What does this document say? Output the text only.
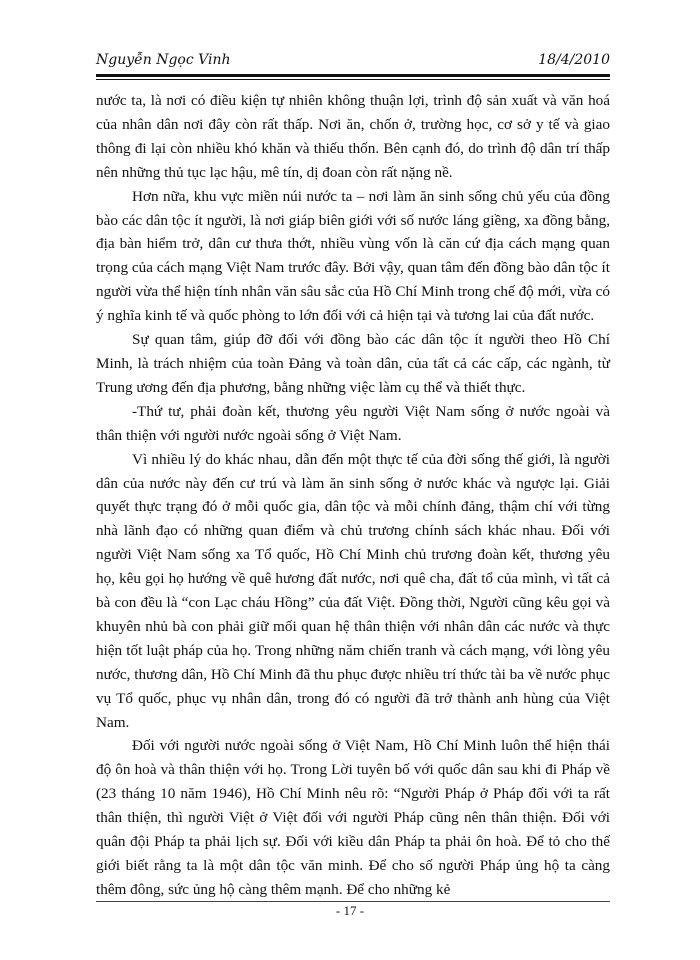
Nguyễn Ngọc Vinh	18/4/2010

nước ta, là nơi có điều kiện tự nhiên không thuận lợi, trình độ sản xuất và văn hoá của nhân dân nơi đây còn rất thấp. Nơi ăn, chốn ở, trường học, cơ sở y tế và giao thông đi lại còn nhiều khó khăn và thiếu thốn. Bên cạnh đó, do trình độ dân trí thấp nên những thủ tục lạc hậu, mê tín, dị đoan còn rất nặng nề.

Hơn nữa, khu vực miền núi nước ta – nơi làm ăn sinh sống chủ yếu của đồng bào các dân tộc ít người, là nơi giáp biên giới với số nước láng giềng, xa đồng bằng, địa bàn hiểm trở, dân cư thưa thớt, nhiều vùng vốn là căn cứ địa cách mạng quan trọng của cách mạng Việt Nam trước đây. Bởi vậy, quan tâm đến đồng bào dân tộc ít người vừa thể hiện tính nhân văn sâu sắc của Hồ Chí Minh trong chế độ mới, vừa có ý nghĩa kinh tế và quốc phòng to lớn đối với cả hiện tại và tương lai của đất nước.

Sự quan tâm, giúp đỡ đối với đồng bào các dân tộc ít người theo Hồ Chí Minh, là trách nhiệm của toàn Đảng và toàn dân, của tất cả các cấp, các ngành, từ Trung ương đến địa phương, bằng những việc làm cụ thể và thiết thực.

-Thứ tư, phải đoàn kết, thương yêu người Việt Nam sống ở nước ngoài và thân thiện với người nước ngoài sống ở Việt Nam.

Vì nhiều lý do khác nhau, dẫn đến một thực tế của đời sống thế giới, là người dân của nước này đến cư trú và làm ăn sinh sống ở nước khác và ngược lại. Giải quyết thực trạng đó ở mỗi quốc gia, dân tộc và mỗi chính đảng, thậm chí với từng nhà lãnh đạo có những quan điểm và chủ trương chính sách khác nhau. Đối với người Việt Nam sống xa Tổ quốc, Hồ Chí Minh chủ trương đoàn kết, thương yêu họ, kêu gọi họ hướng về quê hương đất nước, nơi quê cha, đất tổ của mình, vì tất cả bà con đều là “con Lạc cháu Hồng” của đất Việt. Đồng thời, Người cũng kêu gọi và khuyên nhủ bà con phải giữ mối quan hệ thân thiện với nhân dân các nước và thực hiện tốt luật pháp của họ. Trong những năm chiến tranh và cách mạng, với lòng yêu nước, thương dân, Hồ Chí Minh đã thu phục được nhiều trí thức tài ba về nước phục vụ Tổ quốc, phục vụ nhân dân, trong đó có người đã trở thành anh hùng của Việt Nam.

Đối với người nước ngoài sống ở Việt Nam, Hồ Chí Minh luôn thể hiện thái độ ôn hoà và thân thiện với họ. Trong Lời tuyên bố với quốc dân sau khi đi Pháp về (23 tháng 10 năm 1946), Hồ Chí Minh nêu rõ: “Người Pháp ở Pháp đối với ta rất thân thiện, thì người Việt ở Việt đối với người Pháp cũng nên thân thiện. Đối với quân đội Pháp ta phải lịch sự. Đối với kiều dân Pháp ta phải ôn hoà. Để tỏ cho thế giới biết rằng ta là một dân tộc văn minh. Để cho số người Pháp ủng hộ ta càng thêm đông, sức ủng hộ càng thêm mạnh. Để cho những kẻ

- 17 -
